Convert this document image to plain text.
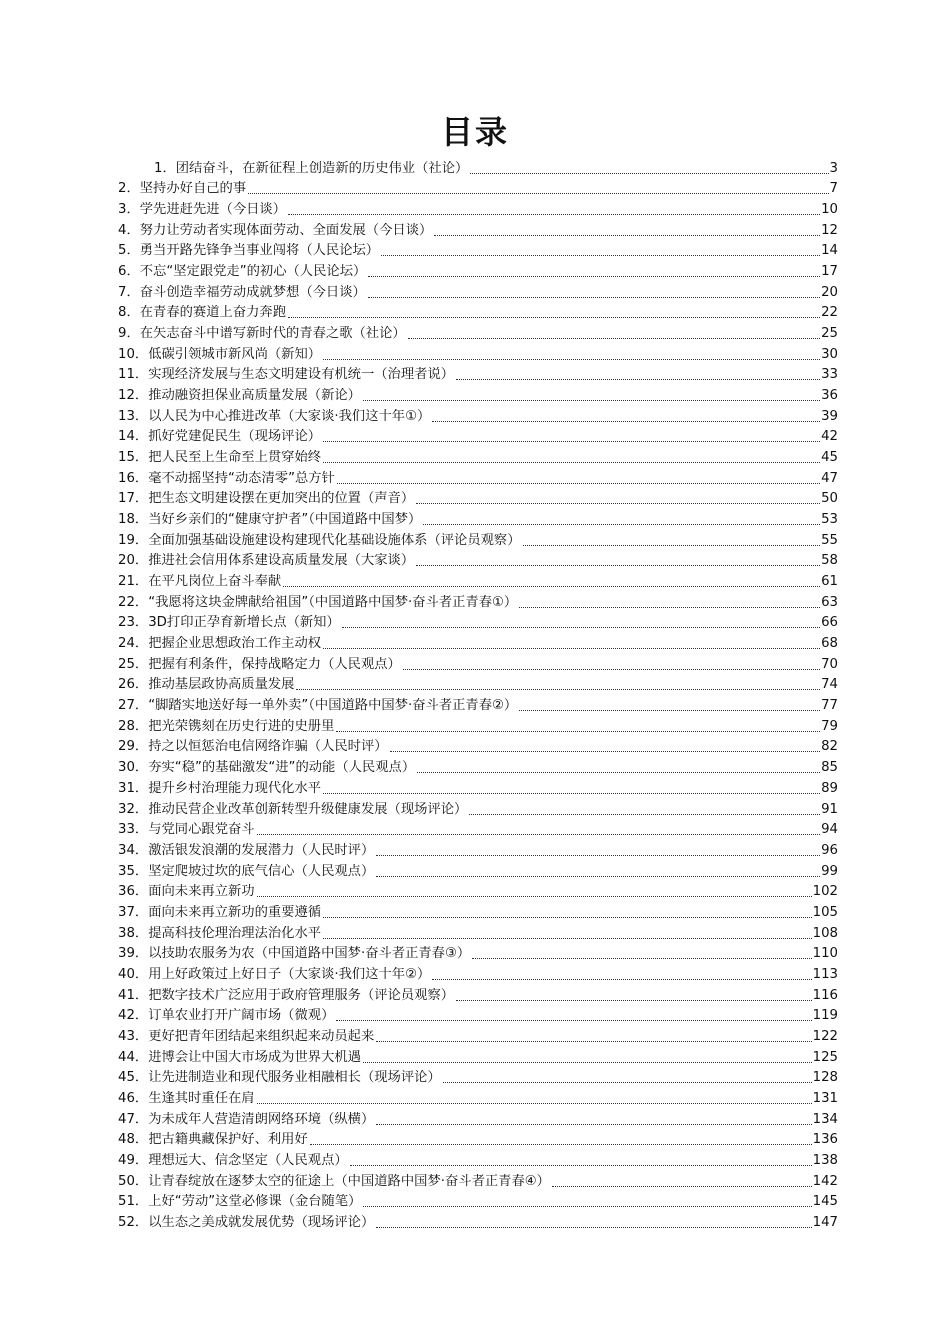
目录
1． 团结奋斗，在新征程上创造新的历史伟业（社论）	3
2． 坚持办好自己的事	7
3． 学先进赶先进（今日谈）	10
4． 努力让劳动者实现体面劳动、全面发展（今日谈）	12
5． 勇当开路先锋争当事业闯将（人民论坛）	14
6． 不忘“坚定跟党走”的初心（人民论坛）	17
7． 奋斗创造幸福劳动成就梦想（今日谈）	20
8． 在青春的赛道上奋力奔跑	22
9． 在矢志奋斗中谱写新时代的青春之歌（社论）	25
10． 低碳引领城市新风尚（新知）	30
11． 实现经济发展与生态文明建设有机统一（治理者说）	33
12． 推动融资担保业高质量发展（新论）	36
13． 以人民为中心推进改革（大家谈·我们这十年①）	39
14． 抓好党建促民生（现场评论）	42
15． 把人民至上生命至上贯穿始终	45
16． 毫不动摇坚持“动态清零”总方针	47
17． 把生态文明建设摆在更加突出的位置（声音）	50
18． 当好乡亲们的“健康守护者”（中国道路中国梦）	53
19． 全面加强基础设施建设构建现代化基础设施体系（评论员观察）	55
20． 推进社会信用体系建设高质量发展（大家谈）	58
21． 在平凡岗位上奋斗奉献	61
22． “我愿将这块金牌献给祖国”（中国道路中国梦·奋斗者正青春①）	63
23． 3D打印正孕育新增长点（新知）	66
24． 把握企业思想政治工作主动权	68
25． 把握有利条件，保持战略定力（人民观点）	70
26． 推动基层政协高质量发展	74
27． “脚踏实地送好每一单外卖”（中国道路中国梦·奋斗者正青春②）	77
28． 把光荣镌刻在历史行进的史册里	79
29． 持之以恒惩治电信网络诈骗（人民时评）	82
30． 夯实“稳”的基础激发“进”的动能（人民观点）	85
31． 提升乡村治理能力现代化水平	89
32． 推动民营企业改革创新转型升级健康发展（现场评论）	91
33． 与党同心跟党奋斗	94
34． 激活银发浪潮的发展潜力（人民时评）	96
35． 坚定爬坡过坎的底气信心（人民观点）	99
36． 面向未来再立新功	102
37． 面向未来再立新功的重要遵循	105
38． 提高科技伦理治理法治化水平	108
39． 以技助农服务为农（中国道路中国梦·奋斗者正青春③）	110
40． 用上好政策过上好日子（大家谈·我们这十年②）	113
41． 把数字技术广泛应用于政府管理服务（评论员观察）	116
42． 订单农业打开广阔市场（微观）	119
43． 更好把青年团结起来组织起来动员起来	122
44． 进博会让中国大市场成为世界大机遇	125
45． 让先进制造业和现代服务业相融相长（现场评论）	128
46． 生逢其时重任在肩	131
47． 为未成年人营造清朗网络环境（纵横）	134
48． 把古籍典藏保护好、利用好	136
49． 理想远大、信念坚定（人民观点）	138
50． 让青春绽放在逐梦太空的征途上（中国道路中国梦·奋斗者正青春④）	142
51． 上好“劳动”这堂必修课（金台随笔）	145
52． 以生态之美成就发展优势（现场评论）	147
